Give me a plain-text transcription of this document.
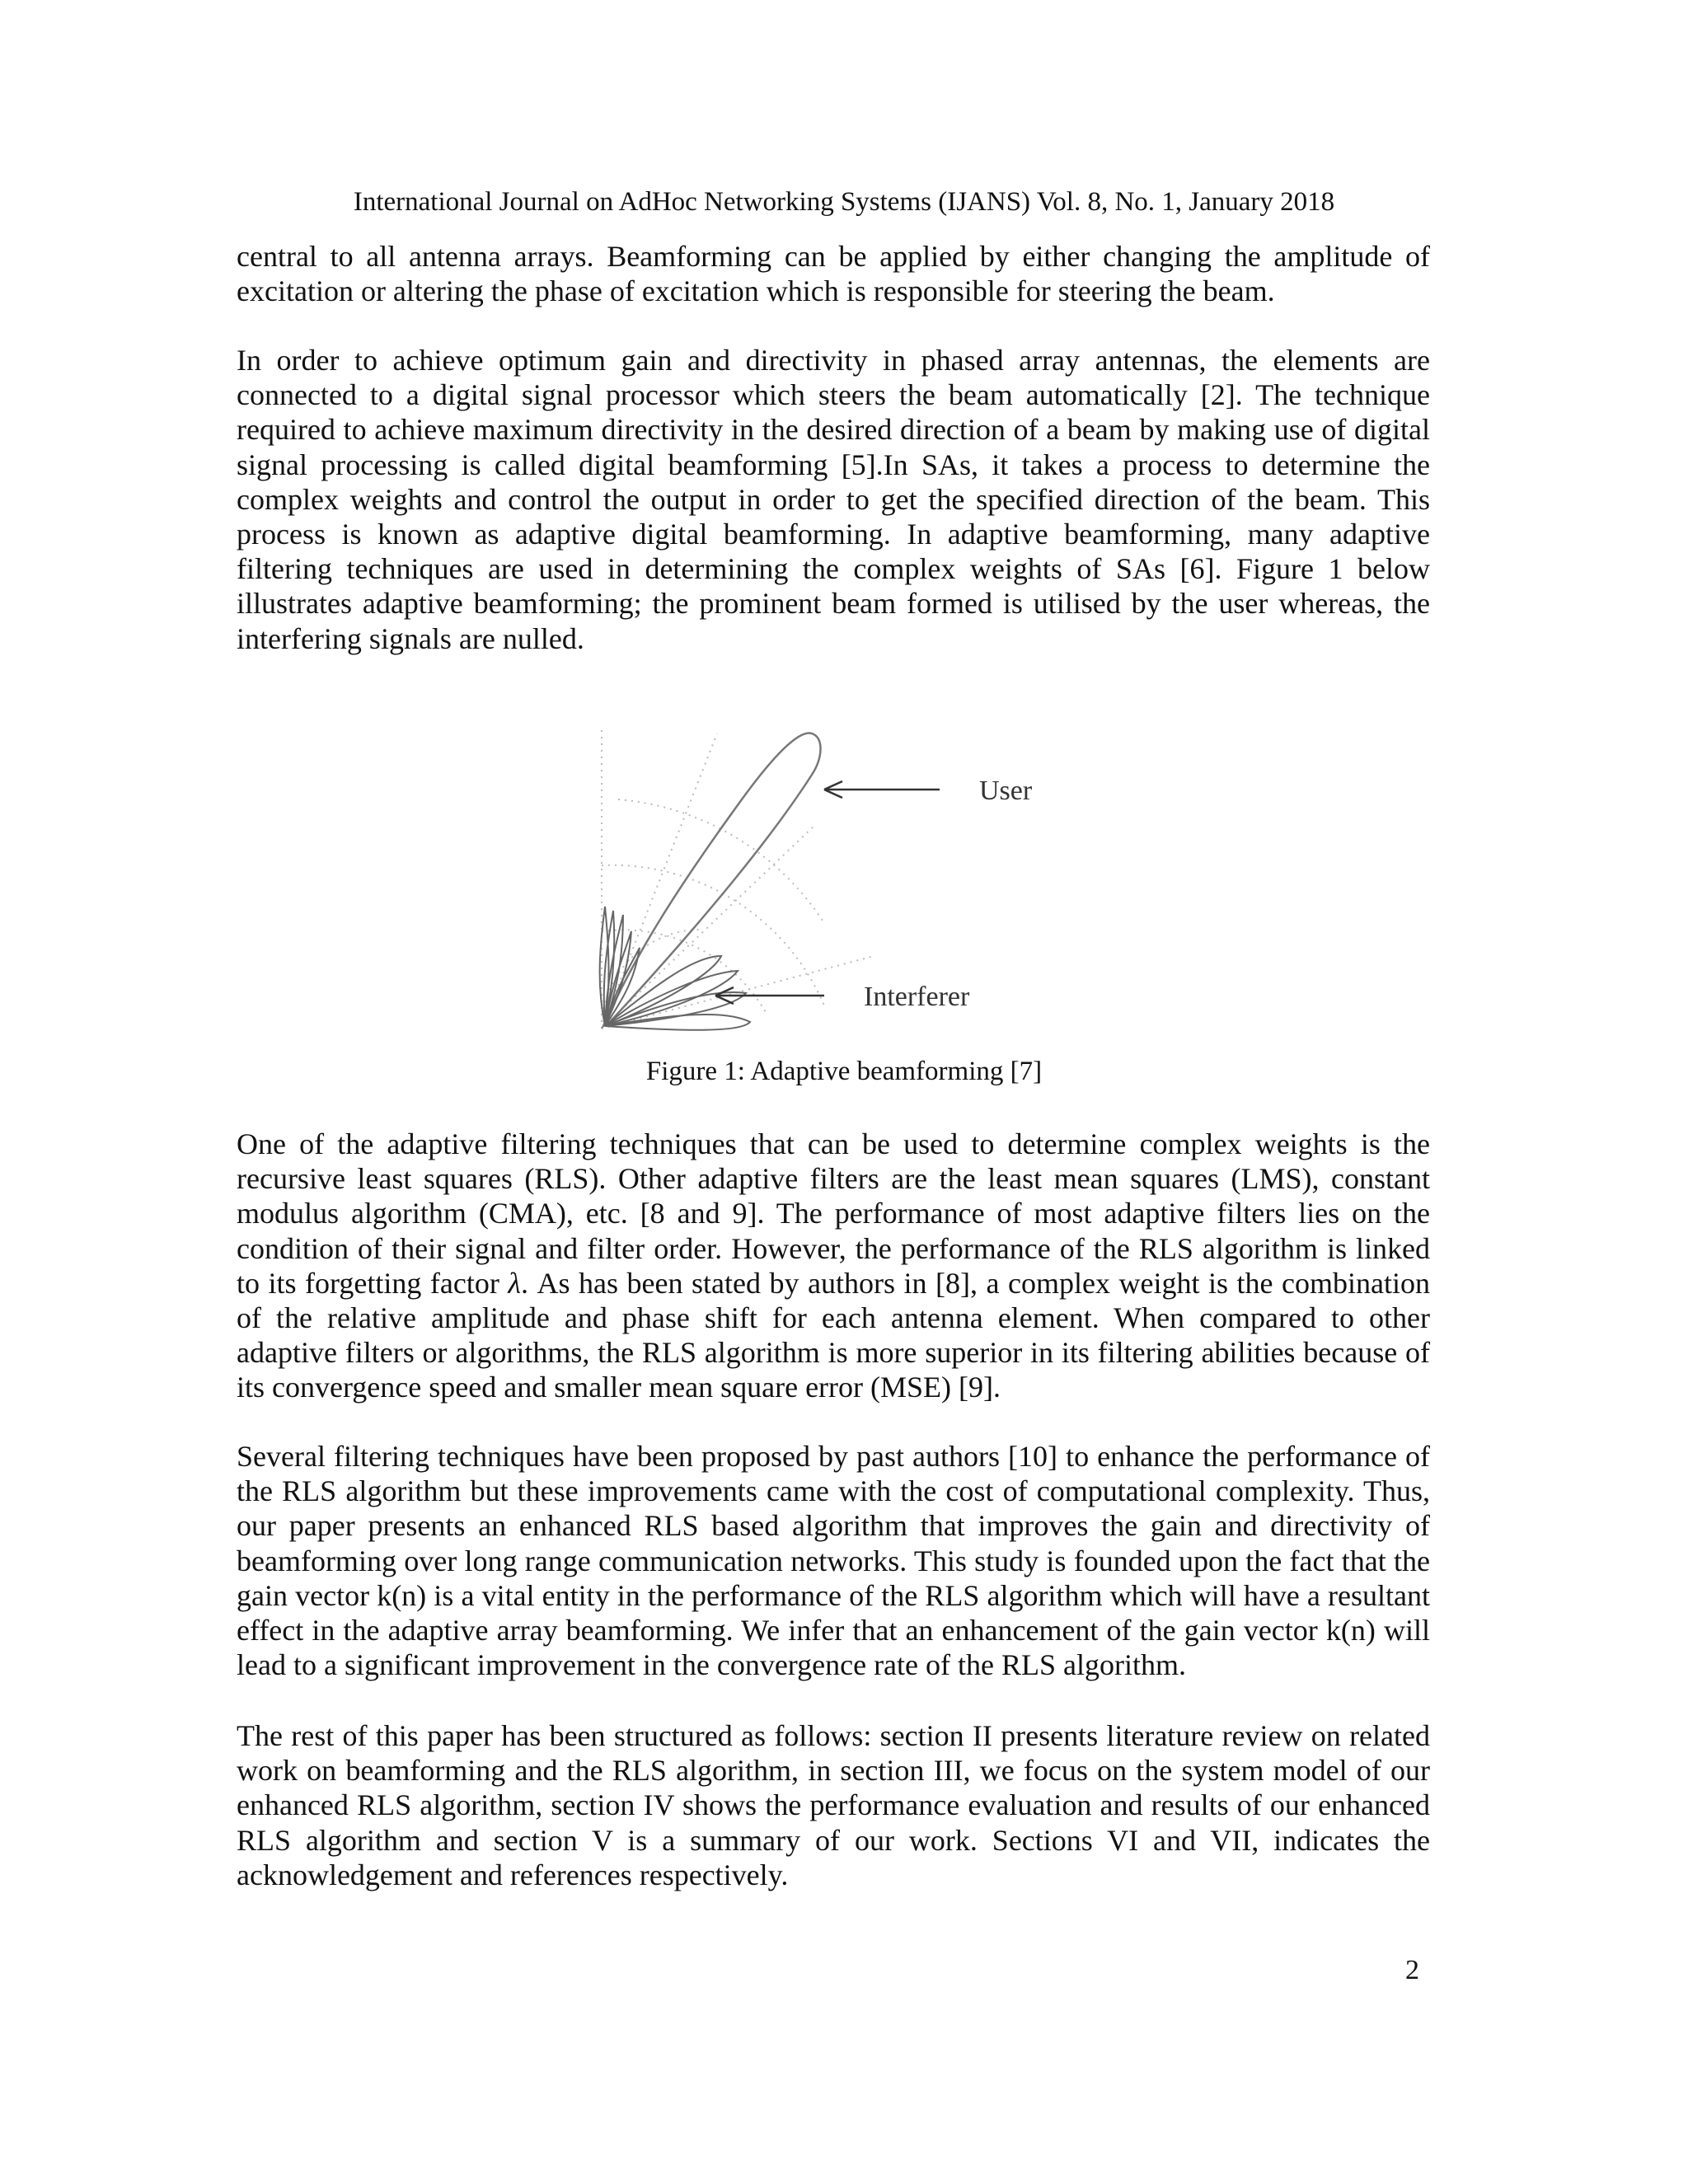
International Journal on AdHoc Networking Systems (IJANS) Vol. 8, No. 1, January 2018

central to all antenna arrays. Beamforming can be applied by either changing the amplitude of excitation or altering the phase of excitation which is responsible for steering the beam.

In order to achieve optimum gain and directivity in phased array antennas, the elements are connected to a digital signal processor which steers the beam automatically [2]. The technique required to achieve maximum directivity in the desired direction of a beam by making use of digital signal processing is called digital beamforming [5].In SAs, it takes a process to determine the complex weights and control the output in order to get the specified direction of the beam. This process is known as adaptive digital beamforming. In adaptive beamforming, many adaptive filtering techniques are used in determining the complex weights of SAs [6]. Figure 1 below illustrates adaptive beamforming; the prominent beam formed is utilised by the user whereas, the interfering signals are nulled.

User
Interferer
Figure 1: Adaptive beamforming [7]

One of the adaptive filtering techniques that can be used to determine complex weights is the recursive least squares (RLS). Other adaptive filters are the least mean squares (LMS), constant modulus algorithm (CMA), etc. [8 and 9]. The performance of most adaptive filters lies on the condition of their signal and filter order. However, the performance of the RLS algorithm is linked to its forgetting factor λ. As has been stated by authors in [8], a complex weight is the combination of the relative amplitude and phase shift for each antenna element. When compared to other adaptive filters or algorithms, the RLS algorithm is more superior in its filtering abilities because of its convergence speed and smaller mean square error (MSE) [9].

Several filtering techniques have been proposed by past authors [10] to enhance the performance of the RLS algorithm but these improvements came with the cost of computational complexity. Thus, our paper presents an enhanced RLS based algorithm that improves the gain and directivity of beamforming over long range communication networks. This study is founded upon the fact that the gain vector k(n) is a vital entity in the performance of the RLS algorithm which will have a resultant effect in the adaptive array beamforming. We infer that an enhancement of the gain vector k(n) will lead to a significant improvement in the convergence rate of the RLS algorithm.

The rest of this paper has been structured as follows: section II presents literature review on related work on beamforming and the RLS algorithm, in section III, we focus on the system model of our enhanced RLS algorithm, section IV shows the performance evaluation and results of our enhanced RLS algorithm and section V is a summary of our work. Sections VI and VII, indicates the acknowledgement and references respectively.

2
